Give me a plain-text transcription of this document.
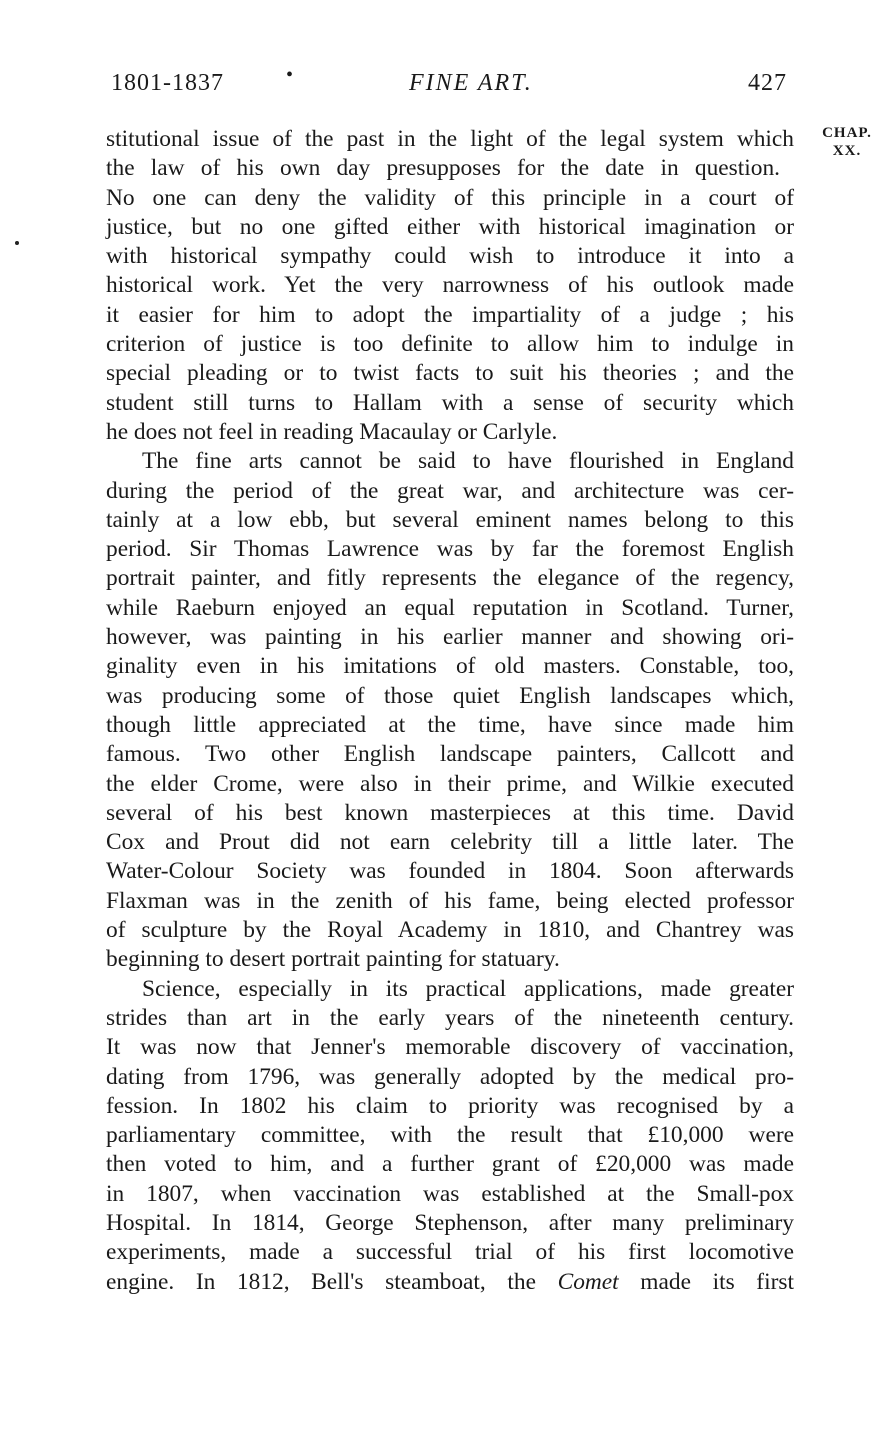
1801-1837	•	FINE ART.	427
CHAP.
XX.
stitutional issue of the past in the light of the legal system which
the law of his own day presupposes for the date in question.
No one can deny the validity of this principle in a court of
justice, but no one gifted either with historical imagination or
with historical sympathy could wish to introduce it into a
historical work. Yet the very narrowness of his outlook made
it easier for him to adopt the impartiality of a judge ; his
criterion of justice is too definite to allow him to indulge in
special pleading or to twist facts to suit his theories ; and the
student still turns to Hallam with a sense of security which
he does not feel in reading Macaulay or Carlyle.
The fine arts cannot be said to have flourished in England
during the period of the great war, and architecture was cer-
tainly at a low ebb, but several eminent names belong to this
period. Sir Thomas Lawrence was by far the foremost English
portrait painter, and fitly represents the elegance of the regency,
while Raeburn enjoyed an equal reputation in Scotland. Turner,
however, was painting in his earlier manner and showing ori-
ginality even in his imitations of old masters. Constable, too,
was producing some of those quiet English landscapes which,
though little appreciated at the time, have since made him
famous. Two other English landscape painters, Callcott and
the elder Crome, were also in their prime, and Wilkie executed
several of his best known masterpieces at this time. David
Cox and Prout did not earn celebrity till a little later. The
Water-Colour Society was founded in 1804. Soon afterwards
Flaxman was in the zenith of his fame, being elected professor
of sculpture by the Royal Academy in 1810, and Chantrey was
beginning to desert portrait painting for statuary.
Science, especially in its practical applications, made greater
strides than art in the early years of the nineteenth century.
It was now that Jenner's memorable discovery of vaccination,
dating from 1796, was generally adopted by the medical pro-
fession. In 1802 his claim to priority was recognised by a
parliamentary committee, with the result that £10,000 were
then voted to him, and a further grant of £20,000 was made
in 1807, when vaccination was established at the Small-pox
Hospital. In 1814, George Stephenson, after many preliminary
experiments, made a successful trial of his first locomotive
engine. In 1812, Bell's steamboat, the Comet made its first
